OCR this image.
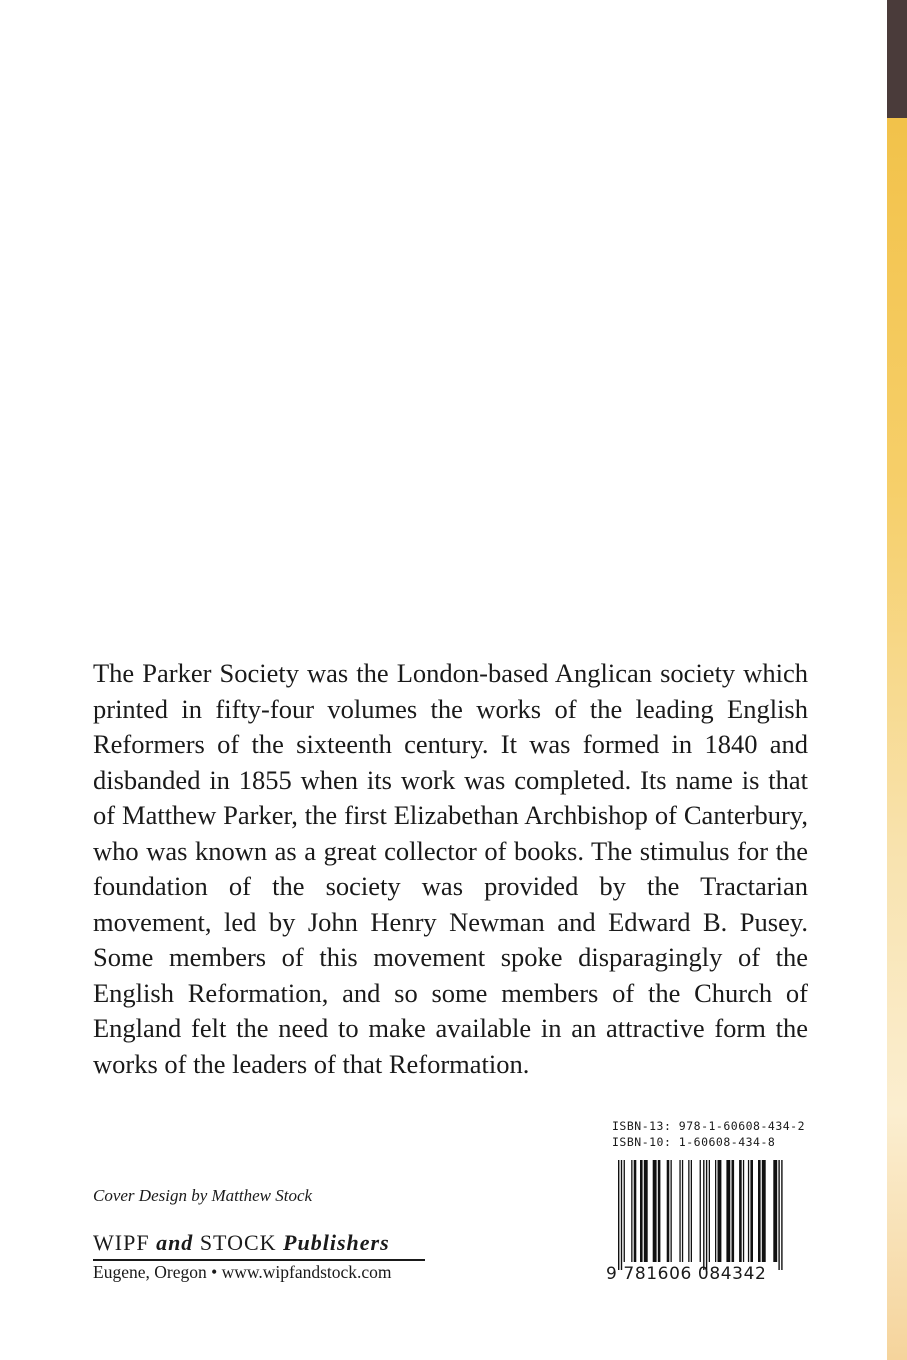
The Parker Society was the London-based Anglican society which printed in fifty-four volumes the works of the leading English Reformers of the sixteenth century. It was formed in 1840 and disbanded in 1855 when its work was completed. Its name is that of Matthew Parker, the first Elizabethan Archbishop of Canterbury, who was known as a great collector of books. The stimulus for the foundation of the society was provided by the Tractarian movement, led by John Henry Newman and Edward B. Pusey. Some members of this movement spoke disparagingly of the English Reformation, and so some members of the Church of England felt the need to make available in an attractive form the works of the leaders of that Reformation.

Cover Design by Matthew Stock

WIPF and STOCK Publishers
Eugene, Oregon • www.wipfandstock.com
ISBN-13: 978-1-60608-434-2
ISBN-10: 1-60608-434-8
9 781606 084342
